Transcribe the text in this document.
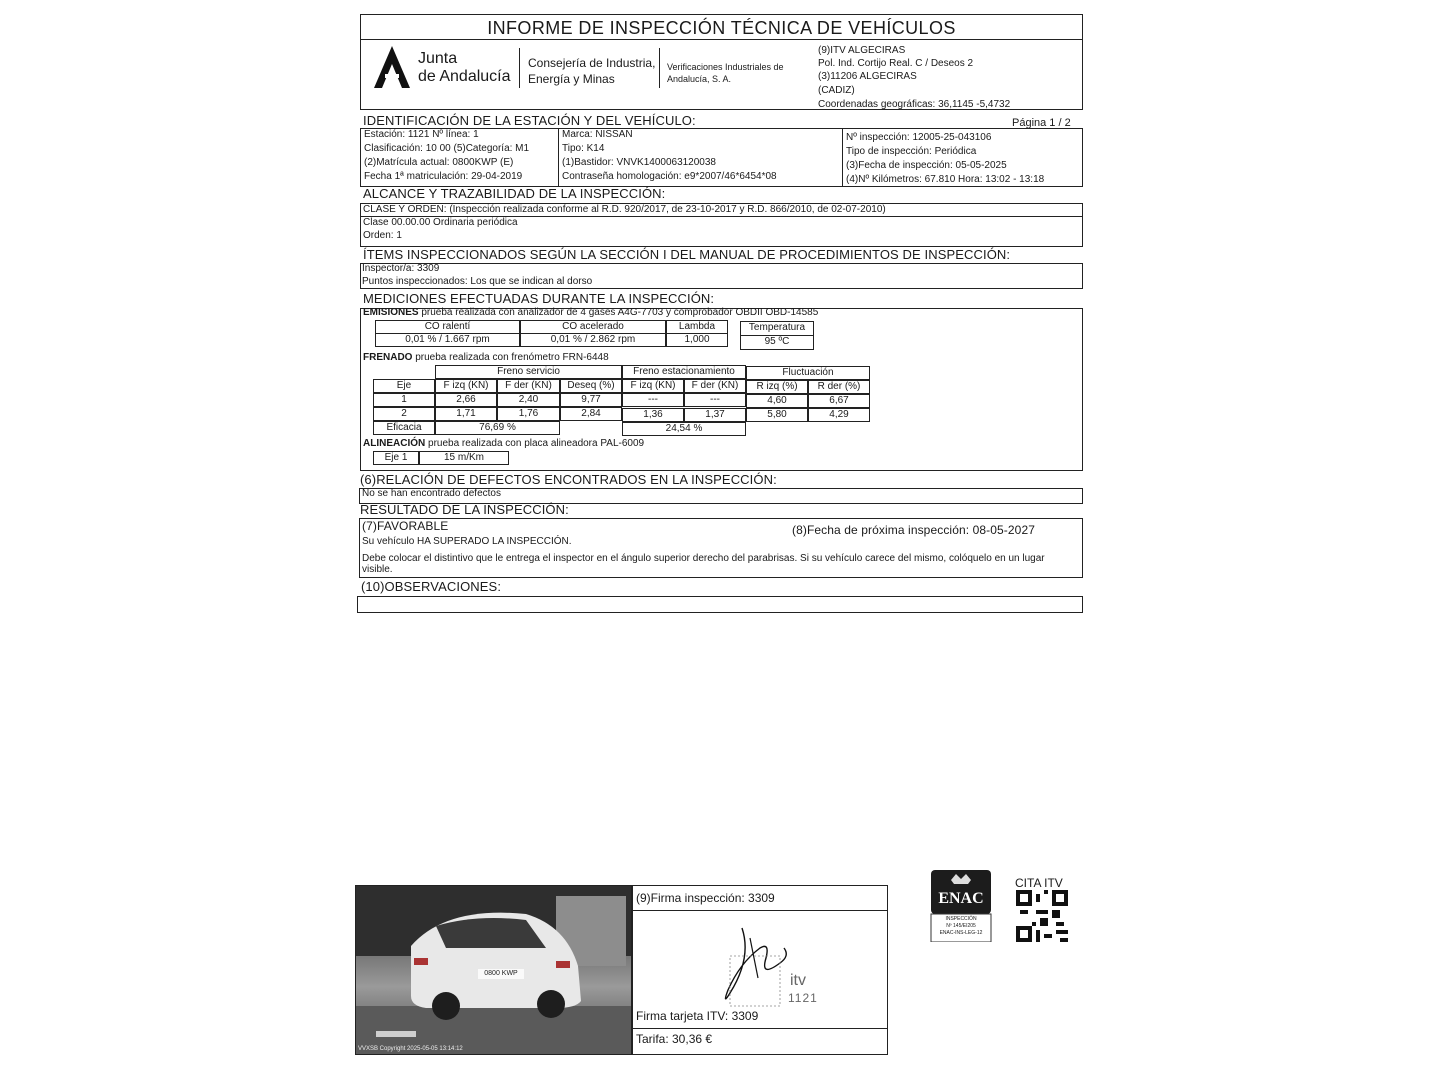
INFORME DE INSPECCIÓN TÉCNICA DE VEHÍCULOS
Junta
de Andalucía
Consejería de Industria,
Energía y Minas
Verificaciones Industriales de
Andalucía, S. A.
(9)ITV ALGECIRAS
Pol. Ind. Cortijo Real. C / Deseos 2
(3)11206 ALGECIRAS
(CADIZ)
Coordenadas geográficas: 36,1145 -5,4732
IDENTIFICACIÓN DE LA ESTACIÓN Y DEL VEHÍCULO:	Página 1 / 2
Estación: 1121 Nº línea: 1
Clasificación: 10 00 (5)Categoría: M1
(2)Matrícula actual: 0800KWP (E)
Fecha 1ª matriculación: 29-04-2019
Marca: NISSAN
Tipo: K14
(1)Bastidor: VNVK1400063120038
Contraseña homologación: e9*2007/46*6454*08
Nº inspección: 12005-25-043106
Tipo de inspección: Periódica
(3)Fecha de inspección: 05-05-2025
(4)Nº Kilómetros: 67.810 Hora: 13:02 - 13:18
ALCANCE Y TRAZABILIDAD DE LA INSPECCIÓN:
CLASE Y ORDEN: (Inspección realizada conforme al R.D. 920/2017, de 23-10-2017 y R.D. 866/2010, de 02-07-2010)
Clase 00.00.00 Ordinaria periódica
Orden: 1
ÍTEMS INSPECCIONADOS SEGÚN LA SECCIÓN I DEL MANUAL DE PROCEDIMIENTOS DE INSPECCIÓN:
Inspector/a: 3309
Puntos inspeccionados: Los que se indican al dorso
MEDICIONES EFECTUADAS DURANTE LA INSPECCIÓN:
EMISIONES prueba realizada con analizador de 4 gases A4G-7703 y comprobador OBDII OBD-14585
CO ralentí
0,01 % / 1.667 rpm
CO acelerado
0,01 % / 2.862 rpm
Lambda
1,000
Temperatura
95 ºC
FRENADO prueba realizada con frenómetro FRN-6448
Freno servicio	Freno estacionamiento	Fluctuación
Eje	F izq (KN)	F der (KN)	Deseq (%)	F izq (KN)	F der (KN)	R izq (%)	R der (%)
1	2,66	2,40	9,77	---	---	4,60	6,67
2	1,71	1,76	2,84	1,36	1,37	5,80	4,29
Eficacia	76,69 %	24,54 %
ALINEACIÓN prueba realizada con placa alineadora PAL-6009
Eje 1	15 m/Km
(6)RELACIÓN DE DEFECTOS ENCONTRADOS EN LA INSPECCIÓN:
No se han encontrado defectos
RESULTADO DE LA INSPECCIÓN:
(7)FAVORABLE	(8)Fecha de próxima inspección: 08-05-2027
Su vehículo HA SUPERADO LA INSPECCIÓN.
Debe colocar el distintivo que le entrega el inspector en el ángulo superior derecho del parabrisas. Si su vehículo carece del mismo, colóquelo en un lugar
visible.
(10)OBSERVACIONES:
0800 KWP
VVXSB Copyright 2025-05-05 13:14:12
(9)Firma inspección: 3309
itv
1121
Firma tarjeta ITV: 3309
Tarifa: 30,36 €
ENAC
INSPECCIÓN
Nº 145/EI205
ENAC-INS-LEG-12
CITA ITV
